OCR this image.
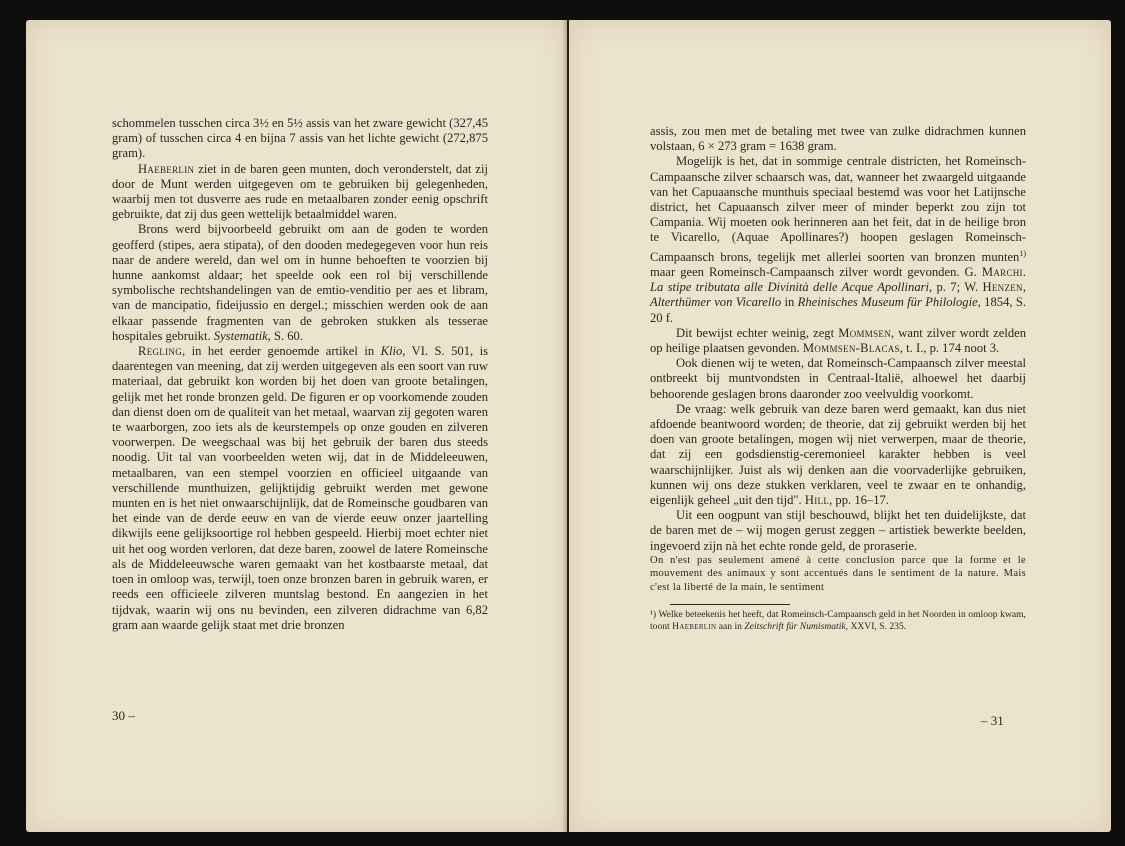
schommelen tusschen circa 3½ en 5½ assis van het zware gewicht (327,45 gram) of tusschen circa 4 en bijna 7 assis van het lichte gewicht (272,875 gram).

Haeberlin ziet in de baren geen munten, doch veronderstelt, dat zij door de Munt werden uitgegeven om te gebruiken bij gelegenheden, waarbij men tot dusverre aes rude en metaalbaren zonder eenig opschrift gebruikte, dat zij dus geen wettelijk betaalmiddel waren.

Brons werd bijvoorbeeld gebruikt om aan de goden te worden geofferd (stipes, aera stipata), of den dooden medegegeven voor hun reis naar de andere wereld, dan wel om in hunne behoeften te voorzien bij hunne aankomst aldaar; het speelde ook een rol bij verschillende symbolische rechtshandelingen van de emtio-venditio per aes et libram, van de mancipatio, fideijussio en dergel.; misschien werden ook de aan elkaar passende fragmenten van de gebroken stukken als tesserae hospitales gebruikt. Systematik, S. 60.

Regling, in het eerder genoemde artikel in Klio, VI. S. 501, is daarentegen van meening, dat zij werden uitgegeven als een soort van ruw materiaal, dat gebruikt kon worden bij het doen van groote betalingen, gelijk met het ronde bronzen geld. De figuren er op voorkomende zouden dan dienst doen om de qualiteit van het metaal, waarvan zij gegoten waren te waarborgen, zoo iets als de keurstempels op onze gouden en zilveren voorwerpen. De weegschaal was bij het gebruik der baren dus steeds noodig. Uit tal van voorbeelden weten wij, dat in de Middeleeuwen, metaalbaren, van een stempel voorzien en officieel uitgaande van verschillende munthuizen, gelijktijdig gebruikt werden met gewone munten en is het niet onwaarschijnlijk, dat de Romeinsche goudbaren van het einde van de derde eeuw en van de vierde eeuw onzer jaartelling dikwijls eene gelijksoortige rol hebben gespeeld. Hierbij moet echter niet uit het oog worden verloren, dat deze baren, zoowel de latere Romeinsche als de Middeleeuwsche waren gemaakt van het kostbaarste metaal, dat toen in omloop was, terwijl, toen onze bronzen baren in gebruik waren, er reeds een officieele zilveren muntslag bestond. En aangezien in het tijdvak, waarin wij ons nu bevinden, een zilveren didrachme van 6,82 gram aan waarde gelijk staat met drie bronzen

30 –

assis, zou men met de betaling met twee van zulke didrachmen kunnen volstaan, 6 × 273 gram = 1638 gram.

Mogelijk is het, dat in sommige centrale districten, het Romeinsch-Campaansche zilver schaarsch was, dat, wanneer het zwaargeld uitgaande van het Capuaansche munthuis speciaal bestemd was voor het Latijnsche district, het Capuaansch zilver meer of minder beperkt zou zijn tot Campania. Wij moeten ook herinneren aan het feit, dat in de heilige bron te Vicarello, (Aquae Apollinares?) hoopen geslagen Romeinsch-Campaansch brons, tegelijk met allerlei soorten van bronzen munten$^{1)}$ maar geen Romeinsch-Campaansch zilver wordt gevonden. G. Marchi. La stipe tributata alle Divinità delle Acque Apollinari, p. 7; W. Henzen, Alterthümer von Vicarello in Rheinisches Museum für Philologie, 1854, S. 20 f.

Dit bewijst echter weinig, zegt Mommsen, want zilver wordt zelden op heilige plaatsen gevonden. Mommsen-Blacas, t. I., p. 174 noot 3.

Ook dienen wij te weten, dat Romeinsch-Campaansch zilver meestal ontbreekt bij muntvondsten in Centraal-Italië, alhoewel het daarbij behoorende geslagen brons daaronder zoo veelvuldig voorkomt.

De vraag: welk gebruik van deze baren werd gemaakt, kan dus niet afdoende beantwoord worden; de theorie, dat zij gebruikt werden bij het doen van groote betalingen, mogen wij niet verwerpen, maar de theorie, dat zij een godsdienstig-ceremonieel karakter hebben is veel waarschijnlijker. Juist als wij denken aan die voorvaderlijke gebruiken, kunnen wij ons deze stukken verklaren, veel te zwaar en te onhandig, eigenlijk geheel „uit den tijd". Hill, pp. 16–17.

Uit een oogpunt van stijl beschouwd, blijkt het ten duidelijkste, dat de baren met de – wij mogen gerust zeggen – artistiek bewerkte beelden, ingevoerd zijn nà het echte ronde geld, de proraserie.

On n'est pas seulement amené à cette conclusion parce que la forme et le mouvement des animaux y sont accentués dans le sentiment de la nature. Mais c'est la liberté de la main, le sentiment

¹) Welke beteekenis het heeft, dat Romeinsch-Campaansch geld in het Noorden in omloop kwam, toont Haeberlin aan in Zeitschrift für Numismatik, XXVI, S. 235.

– 31
